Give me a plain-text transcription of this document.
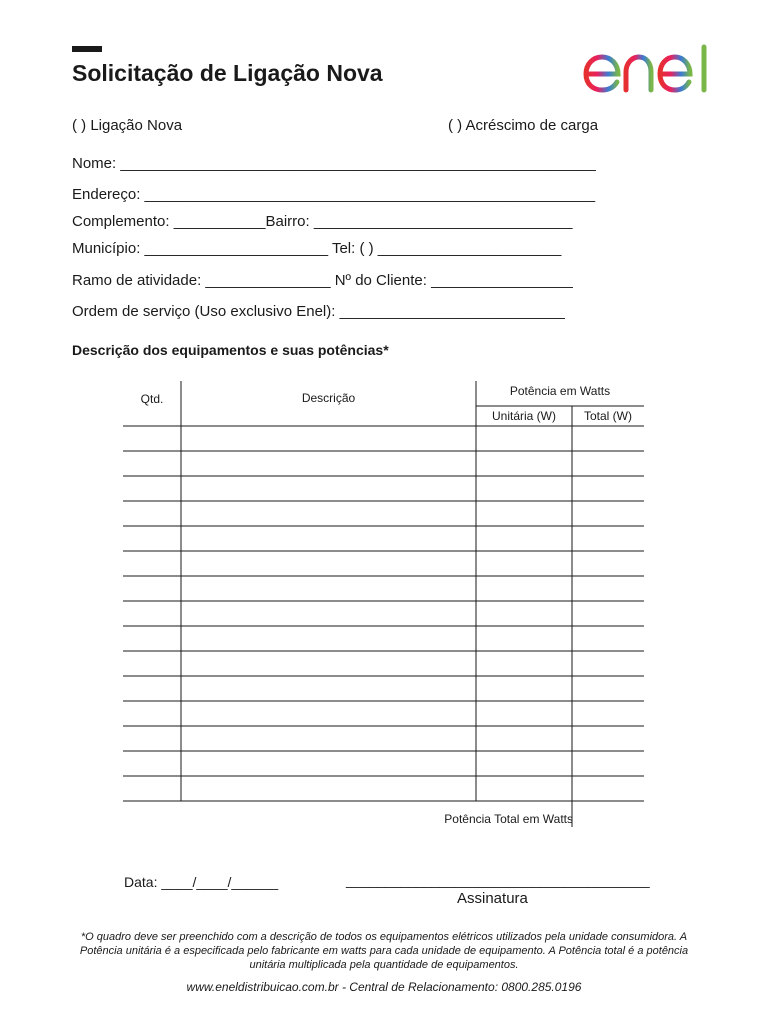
Solicitação de Ligação Nova
( ) Ligação Nova	( ) Acréscimo de carga
Nome: _________________________________________________________
Endereço: ______________________________________________________
Complemento: ___________Bairro: _______________________________
Município: ______________________ Tel: ( ) ______________________
Ramo de atividade: _______________ Nº do Cliente: _________________
Ordem de serviço (Uso exclusivo Enel): ___________________________
Descrição dos equipamentos e suas potências*
Qtd.	Descrição	Potência em Watts
Unitária (W)	Total (W)
Potência Total em Watts
Data: ____/____/______	_______________________________________
Assinatura
*O quadro deve ser preenchido com a descrição de todos os equipamentos elétricos utilizados pela unidade consumidora. A Potência unitária é a especificada pelo fabricante em watts para cada unidade de equipamento. A Potência total é a potência unitária multiplicada pela quantidade de equipamentos.
www.eneldistribuicao.com.br - Central de Relacionamento: 0800.285.0196
